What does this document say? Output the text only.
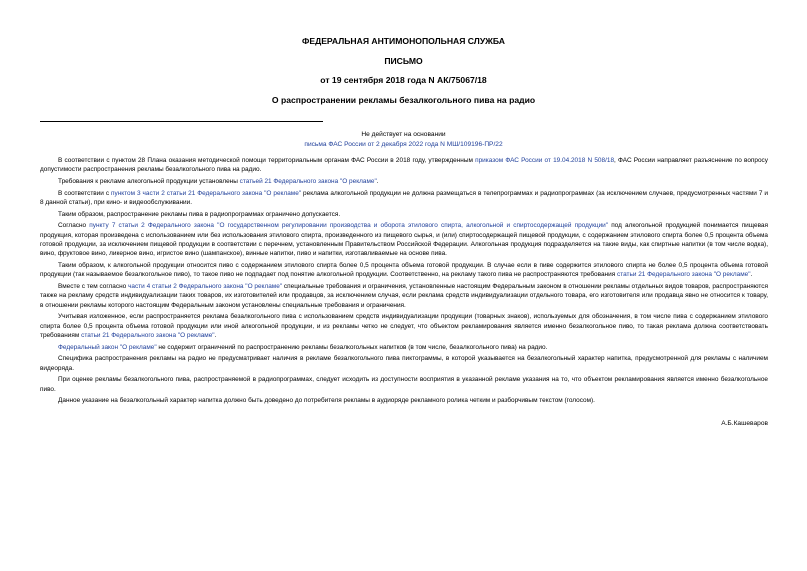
ФЕДЕРАЛЬНАЯ АНТИМОНОПОЛЬНАЯ СЛУЖБА
ПИСЬМО
от 19 сентября 2018 года N АК/75067/18
О распространении рекламы безалкогольного пива на радио
Не действует на основании
письма ФАС России от 2 декабря 2022 года N МШ/109196-ПР/22

В соответствии с пунктом 28 Плана оказания методической помощи территориальным органам ФАС России в 2018 году, утвержденным приказом ФАС России от 19.04.2018 N 508/18, ФАС России направляет разъяснение по вопросу допустимости распространения рекламы безалкогольного пива на радио.

Требования к рекламе алкогольной продукции установлены статьей 21 Федерального закона "О рекламе".

В соответствии с пунктом 3 части 2 статьи 21 Федерального закона "О рекламе" реклама алкогольной продукции не должна размещаться в телепрограммах и радиопрограммах (за исключением случаев, предусмотренных частями 7 и 8 данной статьи), при кино- и видеообслуживании.

Таким образом, распространение рекламы пива в радиопрограммах ограничено допускается.

Согласно пункту 7 статьи 2 Федерального закона "О государственном регулировании производства и оборота этилового спирта, алкогольной и спиртосодержащей продукции" под алкогольной продукцией понимается пищевая продукция, которая произведена с использованием или без использования этилового спирта, произведенного из пищевого сырья, и (или) спиртосодержащей пищевой продукции, с содержанием этилового спирта более 0,5 процента объема готовой продукции, за исключением пищевой продукции в соответствии с перечнем, установленным Правительством Российской Федерации. Алкогольная продукция подразделяется на такие виды, как спиртные напитки (в том числе водка), вино, фруктовое вино, ликерное вино, игристое вино (шампанское), винные напитки, пиво и напитки, изготавливаемые на основе пива.

Таким образом, к алкогольной продукции относится пиво с содержанием этилового спирта более 0,5 процента объема готовой продукции. В случае если в пиве содержится этилового спирта не более 0,5 процента объема готовой продукции (так называемое безалкогольное пиво), то такое пиво не подпадает под понятие алкогольной продукции. Соответственно, на рекламу такого пива не распространяются требования статьи 21 Федерального закона "О рекламе".

Вместе с тем согласно части 4 статьи 2 Федерального закона "О рекламе" специальные требования и ограничения, установленные настоящим Федеральным законом в отношении рекламы отдельных видов товаров, распространяются также на рекламу средств индивидуализации таких товаров, их изготовителей или продавцов, за исключением случая, если реклама средств индивидуализации отдельного товара, его изготовителя или продавца явно не относится к товару, в отношении рекламы которого настоящим Федеральным законом установлены специальные требования и ограничения.

Учитывая изложенное, если распространяется реклама безалкогольного пива с использованием средств индивидуализации продукции (товарных знаков), используемых для обозначения, в том числе пива с содержанием этилового спирта более 0,5 процента объема готовой продукции или иной алкогольной продукции, и из рекламы четко не следует, что объектом рекламирования является именно безалкогольное пиво, то такая реклама должна соответствовать требованиям статьи 21 Федерального закона "О рекламе".

Федеральный закон "О рекламе" не содержит ограничений по распространению рекламы безалкогольных напитков (в том числе, безалкогольного пива) на радио.

Специфика распространения рекламы на радио не предусматривает наличия в рекламе безалкогольного пива пиктограммы, в которой указывается на безалкогольный характер напитка, предусмотренной для рекламы с наличием видеоряда.

При оценке рекламы безалкогольного пива, распространяемой в радиопрограммах, следует исходить из доступности восприятия в указанной рекламе указания на то, что объектом рекламирования является именно безалкогольное пиво.

Данное указание на безалкогольный характер напитка должно быть доведено до потребителя рекламы в аудиоряде рекламного ролика четким и разборчивым текстом (голосом).

А.Б.Кашеваров
